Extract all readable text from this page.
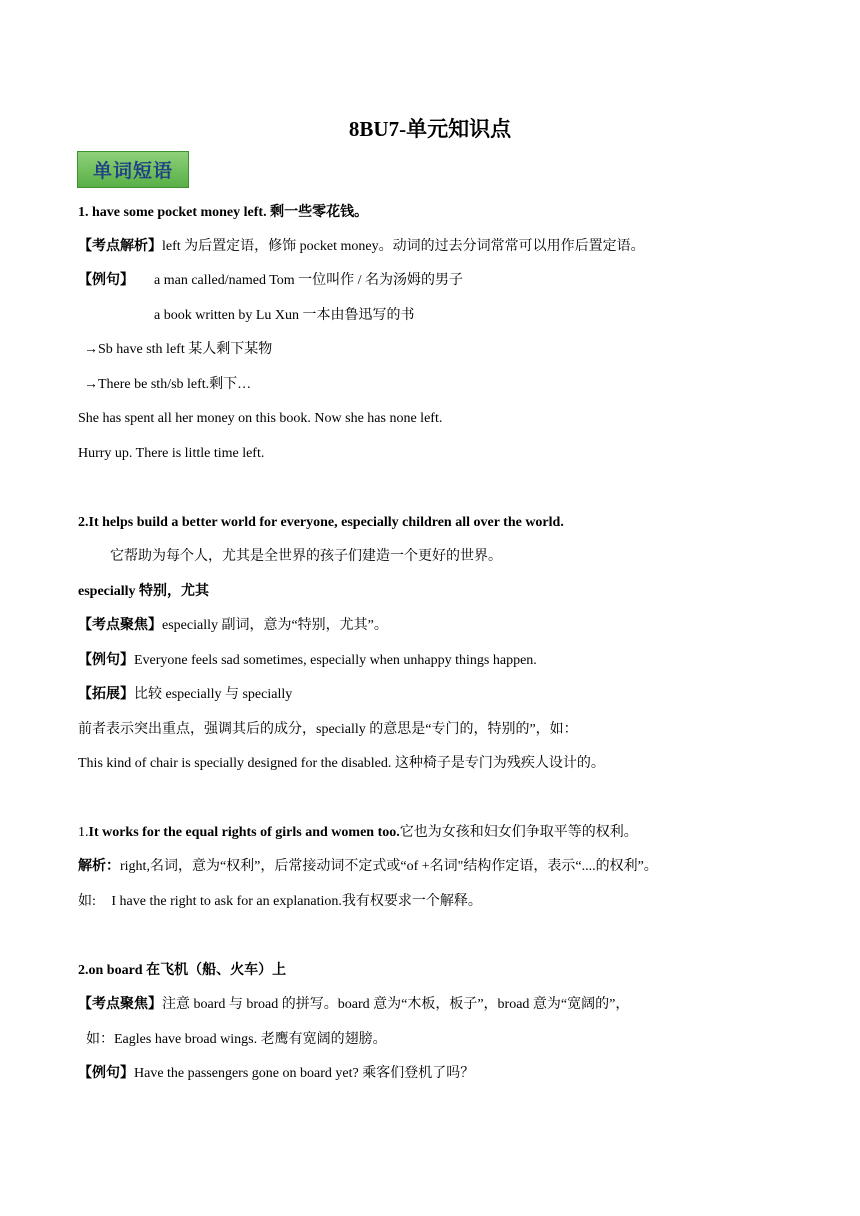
8BU7-单元知识点
单词短语
1. have some pocket money left. 剩一些零花钱。
【考点解析】left 为后置定语，修饰 pocket money。动词的过去分词常常可以用作后置定语。
【例句】 a man called/named Tom 一位叫作 / 名为汤姆的男子
a book written by Lu Xun 一本由鲁迅写的书
→Sb have sth left 某人剩下某物
→There be sth/sb left.剩下…
She has spent all her money on this book. Now she has none left.
Hurry up. There is little time left.
2.It helps build a better world for everyone, especially children all over the world.
它帮助为每个人，尤其是全世界的孩子们建造一个更好的世界。
especially 特别，尤其
【考点聚焦】especially 副词，意为“特别，尤其”。
【例句】Everyone feels sad sometimes, especially when unhappy things happen.
【拓展】比较 especially 与 specially
前者表示突出重点，强调其后的成分，specially 的意思是“专门的，特别的”，如：
This kind of chair is specially designed for the disabled. 这种椅子是专门为残疾人设计的。
1.It works for the equal rights of girls and women too.它也为女孩和妇女们争取平等的权利。
解析：right,名词，意为“权利”，后常接动词不定式或“of +名词"结构作定语，表示“....的权利”。
如: I have the right to ask for an explanation.我有权要求一个解释。
2.on board 在飞机（船、火车）上
【考点聚焦】注意 board 与 broad 的拼写。board 意为“木板，板子”，broad 意为“宽阔的”，
如：Eagles have broad wings. 老鹰有宽阔的翅膀。
【例句】Have the passengers gone on board yet? 乘客们登机了吗？
